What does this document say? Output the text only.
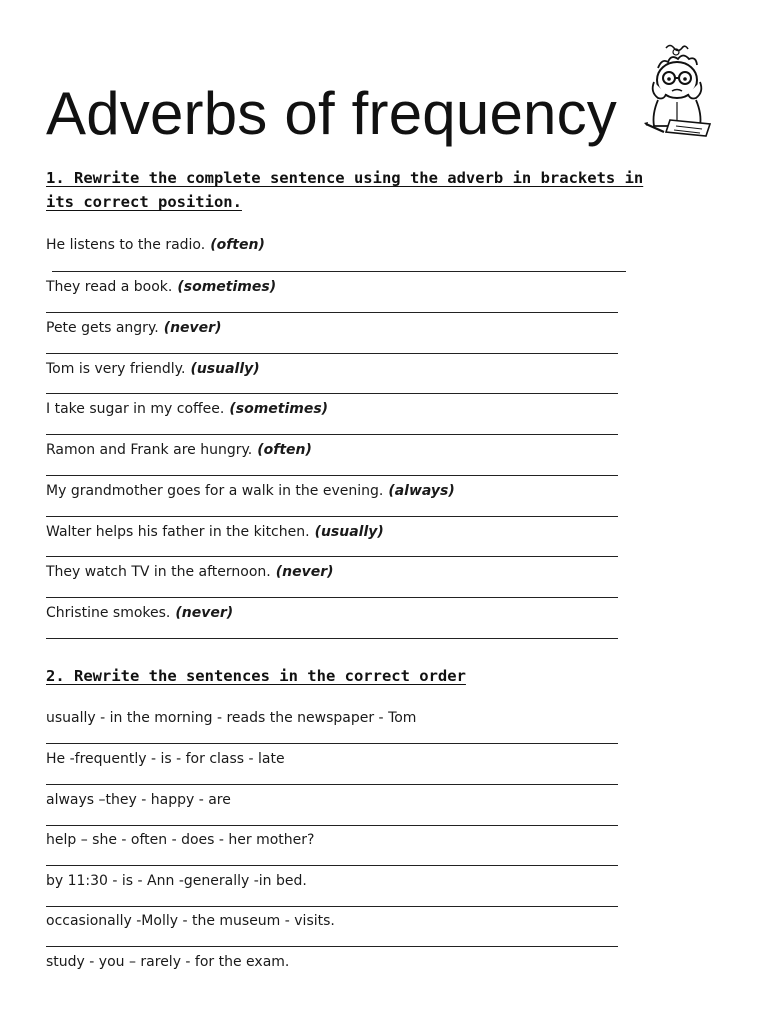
Adverbs of frequency
1. Rewrite the complete sentence using the adverb in brackets in its correct position.
He listens to the radio. (often)
They read a book. (sometimes)
Pete gets angry. (never)
Tom is very friendly. (usually)
I take sugar in my coffee. (sometimes)
Ramon and Frank are hungry. (often)
My grandmother goes for a walk in the evening. (always)
Walter helps his father in the kitchen. (usually)
They watch TV in the afternoon. (never)
Christine smokes. (never)
2. Rewrite the sentences in the correct order
usually - in the morning - reads the newspaper - Tom
He -frequently - is - for class - late
always –they - happy - are
help – she - often - does - her mother?
by 11:30 - is - Ann -generally -in bed.
occasionally -Molly - the museum - visits.
study - you – rarely - for the exam.
